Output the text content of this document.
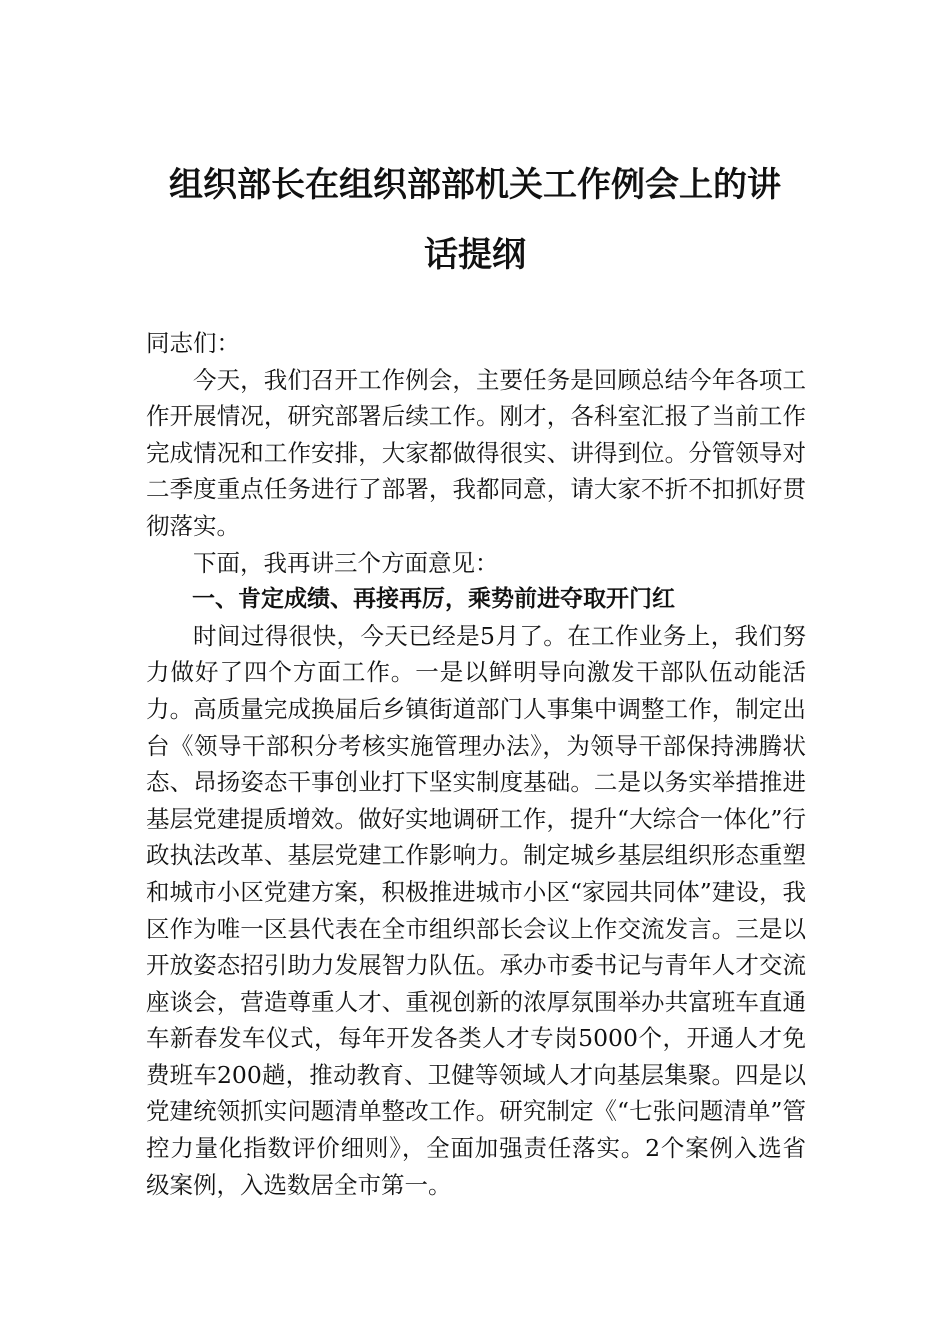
组织部长在组织部部机关工作例会上的讲
话提纲

同志们：

今天，我们召开工作例会，主要任务是回顾总结今年各项工作开展情况，研究部署后续工作。刚才，各科室汇报了当前工作完成情况和工作安排，大家都做得很实、讲得到位。分管领导对二季度重点任务进行了部署，我都同意，请大家不折不扣抓好贯彻落实。

下面，我再讲三个方面意见：

一、肯定成绩、再接再厉，乘势前进夺取开门红

时间过得很快，今天已经是5月了。在工作业务上，我们努力做好了四个方面工作。一是以鲜明导向激发干部队伍动能活力。高质量完成换届后乡镇街道部门人事集中调整工作，制定出台《领导干部积分考核实施管理办法》，为领导干部保持沸腾状态、昂扬姿态干事创业打下坚实制度基础。二是以务实举措推进基层党建提质增效。做好实地调研工作，提升“大综合一体化”行政执法改革、基层党建工作影响力。制定城乡基层组织形态重塑和城市小区党建方案，积极推进城市小区“家园共同体”建设，我区作为唯一区县代表在全市组织部长会议上作交流发言。三是以开放姿态招引助力发展智力队伍。承办市委书记与青年人才交流座谈会，营造尊重人才、重视创新的浓厚氛围举办共富班车直通车新春发车仪式，每年开发各类人才专岗5000个，开通人才免费班车200趟，推动教育、卫健等领域人才向基层集聚。四是以党建统领抓实问题清单整改工作。研究制定《“七张问题清单”管控力量化指数评价细则》，全面加强责任落实。2个案例入选省级案例，入选数居全市第一。
